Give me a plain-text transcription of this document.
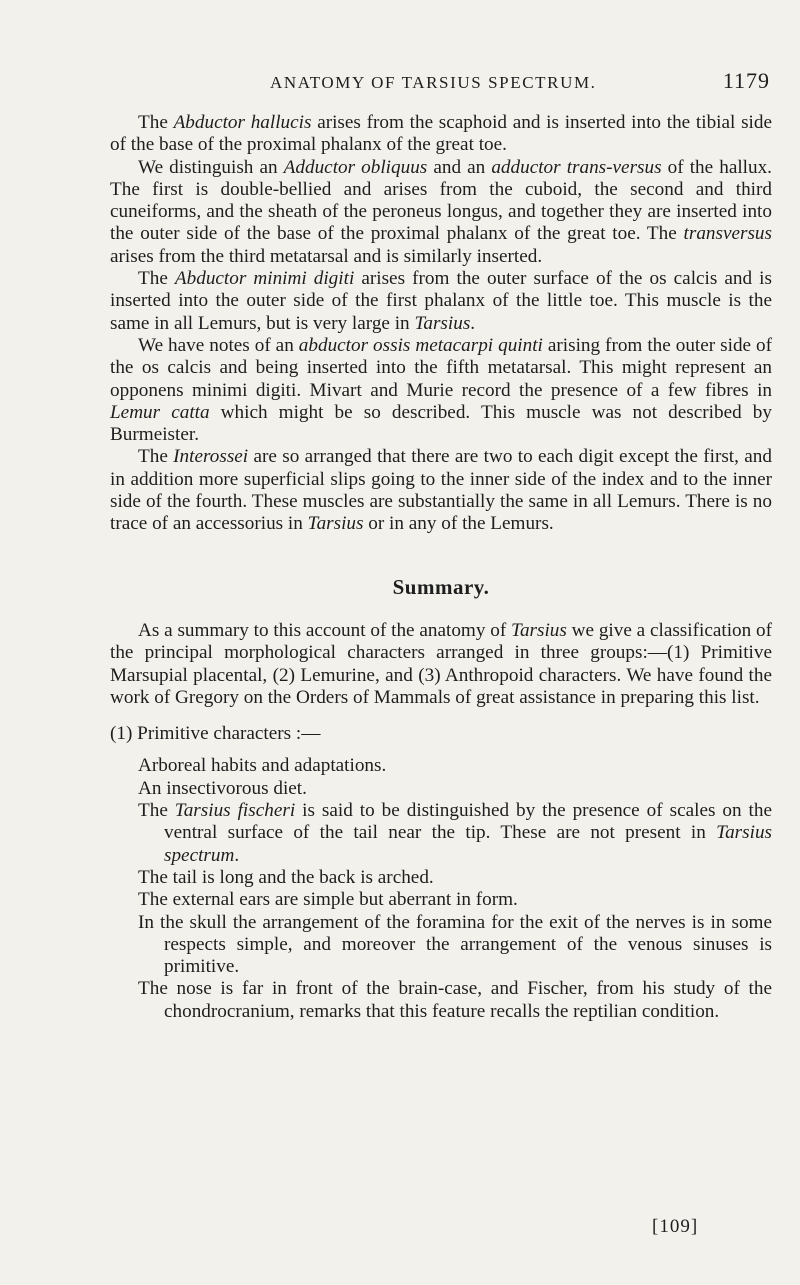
ANATOMY OF TARSIUS SPECTRUM.	1179

The Abductor hallucis arises from the scaphoid and is inserted into the tibial side of the base of the proximal phalanx of the great toe.

We distinguish an Adductor obliquus and an adductor trans-versus of the hallux. The first is double-bellied and arises from the cuboid, the second and third cuneiforms, and the sheath of the peroneus longus, and together they are inserted into the outer side of the base of the proximal phalanx of the great toe. The transversus arises from the third metatarsal and is similarly inserted.

The Abductor minimi digiti arises from the outer surface of the os calcis and is inserted into the outer side of the first phalanx of the little toe. This muscle is the same in all Lemurs, but is very large in Tarsius.

We have notes of an abductor ossis metacarpi quinti arising from the outer side of the os calcis and being inserted into the fifth metatarsal. This might represent an opponens minimi digiti. Mivart and Murie record the presence of a few fibres in Lemur catta which might be so described. This muscle was not described by Burmeister.

The Interossei are so arranged that there are two to each digit except the first, and in addition more superficial slips going to the inner side of the index and to the inner side of the fourth. These muscles are substantially the same in all Lemurs. There is no trace of an accessorius in Tarsius or in any of the Lemurs.

Summary.

As a summary to this account of the anatomy of Tarsius we give a classification of the principal morphological characters arranged in three groups:—(1) Primitive Marsupial placental, (2) Lemurine, and (3) Anthropoid characters. We have found the work of Gregory on the Orders of Mammals of great assistance in preparing this list.

(1) Primitive characters :—

Arboreal habits and adaptations.
An insectivorous diet.
The Tarsius fischeri is said to be distinguished by the presence of scales on the ventral surface of the tail near the tip. These are not present in Tarsius spectrum.
The tail is long and the back is arched.
The external ears are simple but aberrant in form.
In the skull the arrangement of the foramina for the exit of the nerves is in some respects simple, and moreover the arrangement of the venous sinuses is primitive.
The nose is far in front of the brain-case, and Fischer, from his study of the chondrocranium, remarks that this feature recalls the reptilian condition.
[109]
